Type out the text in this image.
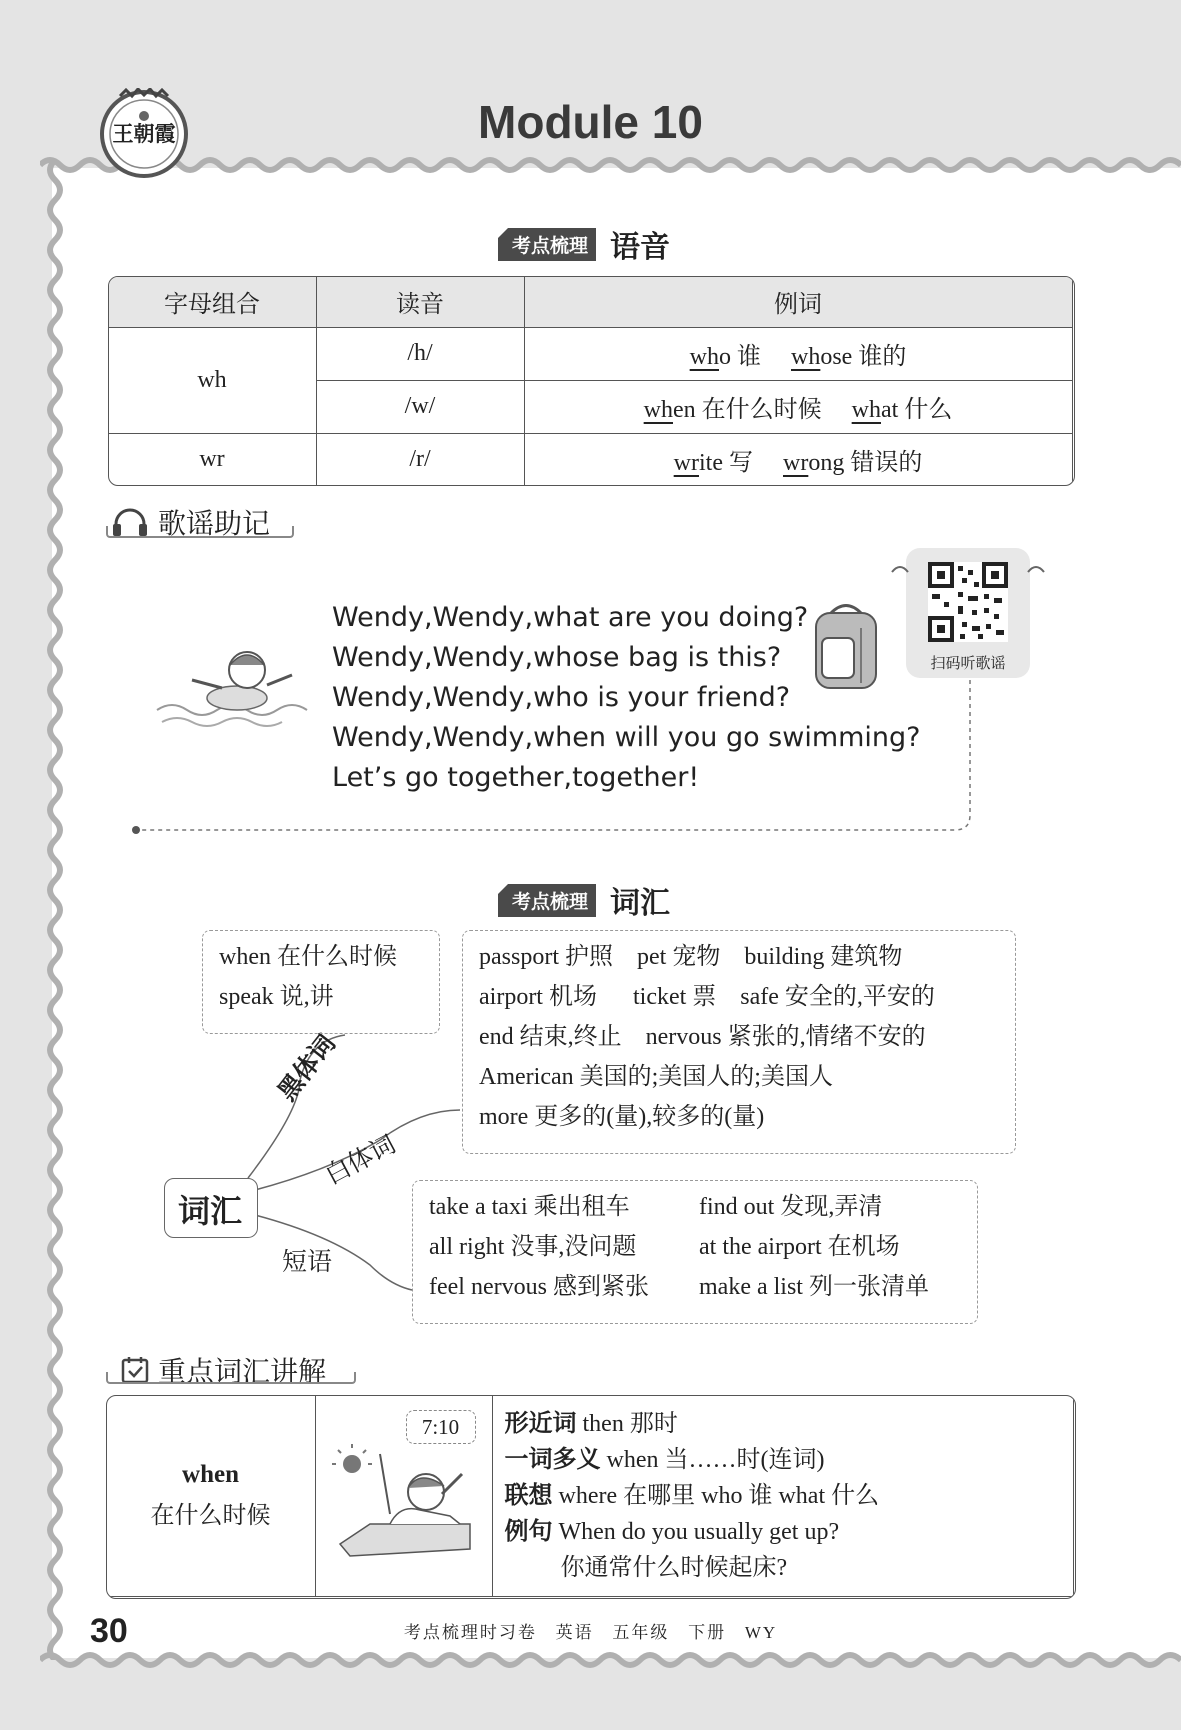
王朝霞	Module 10
考点梳理 语音
字母组合	读音	例词
wh	/h/	who 谁 whose 谁的
	/w/	when 在什么时候 what 什么
wr	/r/	write 写 wrong 错误的
歌谣助记
Wendy,Wendy,what are you doing?
Wendy,Wendy,whose bag is this?
Wendy,Wendy,who is your friend?
Wendy,Wendy,when will you go swimming?
Let’s go together,together!
扫码听歌谣
考点梳理 词汇
词汇
黑体词
白体词
短语
when 在什么时候
speak 说,讲
passport 护照 pet 宠物 building 建筑物
airport 机场 ticket 票 safe 安全的,平安的
end 结束,终止 nervous 紧张的,情绪不安的
American 美国的;美国人的;美国人
more 更多的(量),较多的(量)
take a taxi 乘出租车	find out 发现,弄清
all right 没事,没问题	at the airport 在机场
feel nervous 感到紧张	make a list 列一张清单
重点词汇讲解
when
在什么时候

7:10	形近词 then 那时
一词多义 when 当……时(连词)
联想 where 在哪里 who 谁 what 什么
例句 When do you usually get up?
你通常什么时候起床?
30	考点梳理时习卷   英语   五年级   下册   WY
